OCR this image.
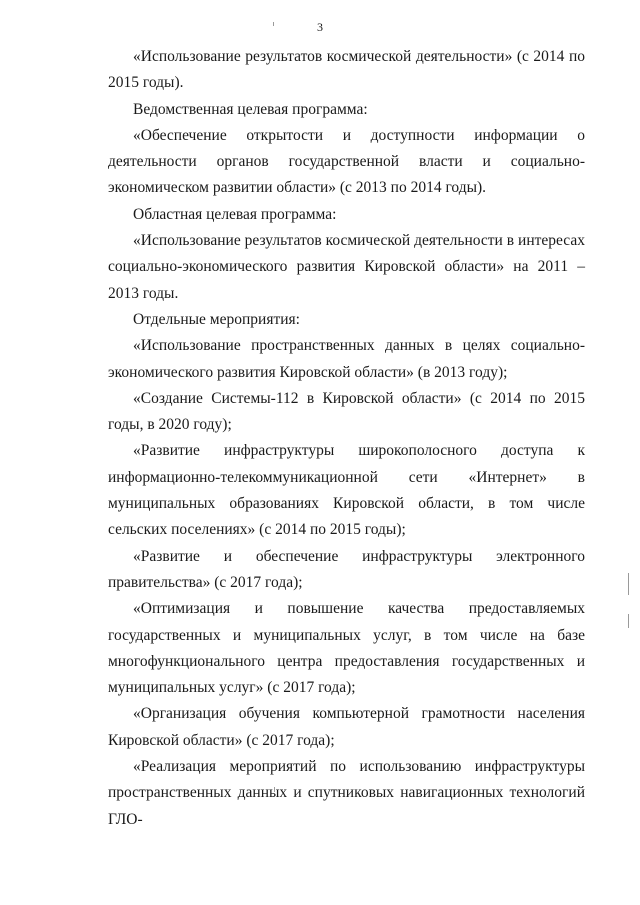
3

«Использование результатов космической деятельности» (с 2014 по 2015 годы).

Ведомственная целевая программа:

«Обеспечение открытости и доступности информации о деятельности органов государственной власти и социально-экономическом развитии области» (с 2013 по 2014 годы).

Областная целевая программа:

«Использование результатов космической деятельности в интересах социально-экономического развития Кировской области» на 2011 – 2013 годы.

Отдельные мероприятия:

«Использование пространственных данных в целях социально-экономического развития Кировской области» (в 2013 году);

«Создание Системы-112 в Кировской области» (с 2014 по 2015 годы, в 2020 году);

«Развитие инфраструктуры широкополосного доступа к информационно-телекоммуникационной сети «Интернет» в муниципальных образованиях Кировской области, в том числе сельских поселениях» (с 2014 по 2015 годы);

«Развитие и обеспечение инфраструктуры электронного правительства» (с 2017 года);

«Оптимизация и повышение качества предоставляемых государственных и муниципальных услуг, в том числе на базе многофункционального центра предоставления государственных и муниципальных услуг» (с 2017 года);

«Организация обучения компьютерной грамотности населения Кировской области» (с 2017 года);

«Реализация мероприятий по использованию инфраструктуры пространственных данных и спутниковых навигационных технологий ГЛО-
